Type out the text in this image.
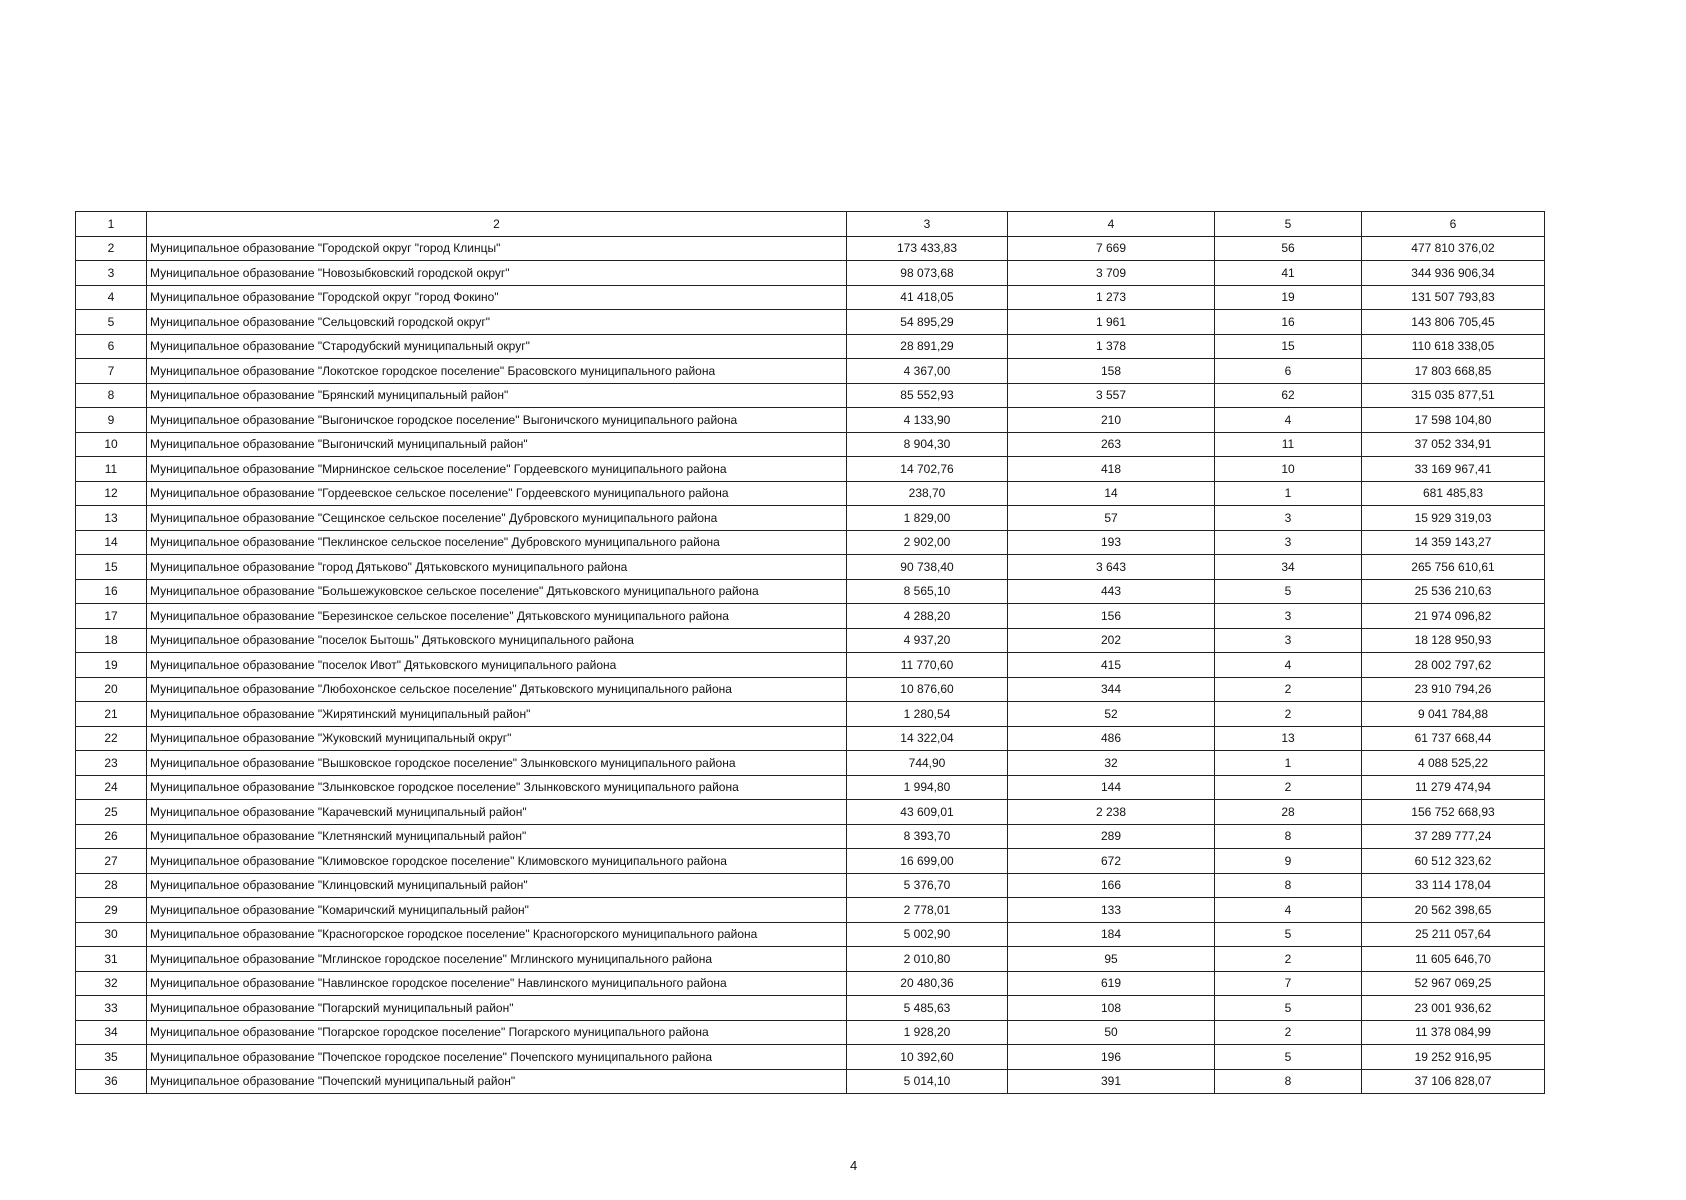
1	2	3	4	5	6
2	Муниципальное образование "Городской округ "город Клинцы"	173 433,83	7 669	56	477 810 376,02
3	Муниципальное образование "Новозыбковский городской округ"	98 073,68	3 709	41	344 936 906,34
4	Муниципальное образование "Городской округ "город Фокино"	41 418,05	1 273	19	131 507 793,83
5	Муниципальное образование "Сельцовский городской округ"	54 895,29	1 961	16	143 806 705,45
6	Муниципальное образование "Стародубский муниципальный округ"	28 891,29	1 378	15	110 618 338,05
7	Муниципальное образование "Локотское городское поселение" Брасовского муниципального района	4 367,00	158	6	17 803 668,85
8	Муниципальное образование "Брянский муниципальный район"	85 552,93	3 557	62	315 035 877,51
9	Муниципальное образование "Выгоничское городское поселение" Выгоничского муниципального района	4 133,90	210	4	17 598 104,80
10	Муниципальное образование "Выгоничский муниципальный район"	8 904,30	263	11	37 052 334,91
11	Муниципальное образование "Мирнинское сельское поселение" Гордеевского муниципального района	14 702,76	418	10	33 169 967,41
12	Муниципальное образование "Гордеевское сельское поселение" Гордеевского муниципального района	238,70	14	1	681 485,83
13	Муниципальное образование "Сещинское сельское поселение" Дубровского муниципального района	1 829,00	57	3	15 929 319,03
14	Муниципальное образование "Пеклинское сельское поселение" Дубровского муниципального района	2 902,00	193	3	14 359 143,27
15	Муниципальное образование "город Дятьково" Дятьковского муниципального района	90 738,40	3 643	34	265 756 610,61
16	Муниципальное образование "Большежуковское сельское поселение" Дятьковского муниципального района	8 565,10	443	5	25 536 210,63
17	Муниципальное образование "Березинское сельское поселение" Дятьковского муниципального района	4 288,20	156	3	21 974 096,82
18	Муниципальное образование "поселок Бытошь" Дятьковского муниципального района	4 937,20	202	3	18 128 950,93
19	Муниципальное образование "поселок Ивот" Дятьковского муниципального района	11 770,60	415	4	28 002 797,62
20	Муниципальное образование "Любохонское сельское поселение" Дятьковского муниципального района	10 876,60	344	2	23 910 794,26
21	Муниципальное образование "Жирятинский муниципальный район"	1 280,54	52	2	9 041 784,88
22	Муниципальное образование "Жуковский муниципальный округ"	14 322,04	486	13	61 737 668,44
23	Муниципальное образование "Вышковское городское поселение" Злынковского муниципального района	744,90	32	1	4 088 525,22
24	Муниципальное образование "Злынковское городское поселение" Злынковского муниципального района	1 994,80	144	2	11 279 474,94
25	Муниципальное образование "Карачевский муниципальный район"	43 609,01	2 238	28	156 752 668,93
26	Муниципальное образование "Клетнянский муниципальный район"	8 393,70	289	8	37 289 777,24
27	Муниципальное образование "Климовское городское поселение" Климовского муниципального района	16 699,00	672	9	60 512 323,62
28	Муниципальное образование "Клинцовский муниципальный район"	5 376,70	166	8	33 114 178,04
29	Муниципальное образование "Комаричский муниципальный район"	2 778,01	133	4	20 562 398,65
30	Муниципальное образование "Красногорское городское поселение" Красногорского муниципального района	5 002,90	184	5	25 211 057,64
31	Муниципальное образование "Мглинское городское поселение" Мглинского муниципального района	2 010,80	95	2	11 605 646,70
32	Муниципальное образование "Навлинское городское поселение" Навлинского муниципального района	20 480,36	619	7	52 967 069,25
33	Муниципальное образование "Погарский муниципальный район"	5 485,63	108	5	23 001 936,62
34	Муниципальное образование "Погарское городское поселение" Погарского муниципального района	1 928,20	50	2	11 378 084,99
35	Муниципальное образование "Почепское городское поселение" Почепского муниципального района	10 392,60	196	5	19 252 916,95
36	Муниципальное образование "Почепский муниципальный район"	5 014,10	391	8	37 106 828,07
4
